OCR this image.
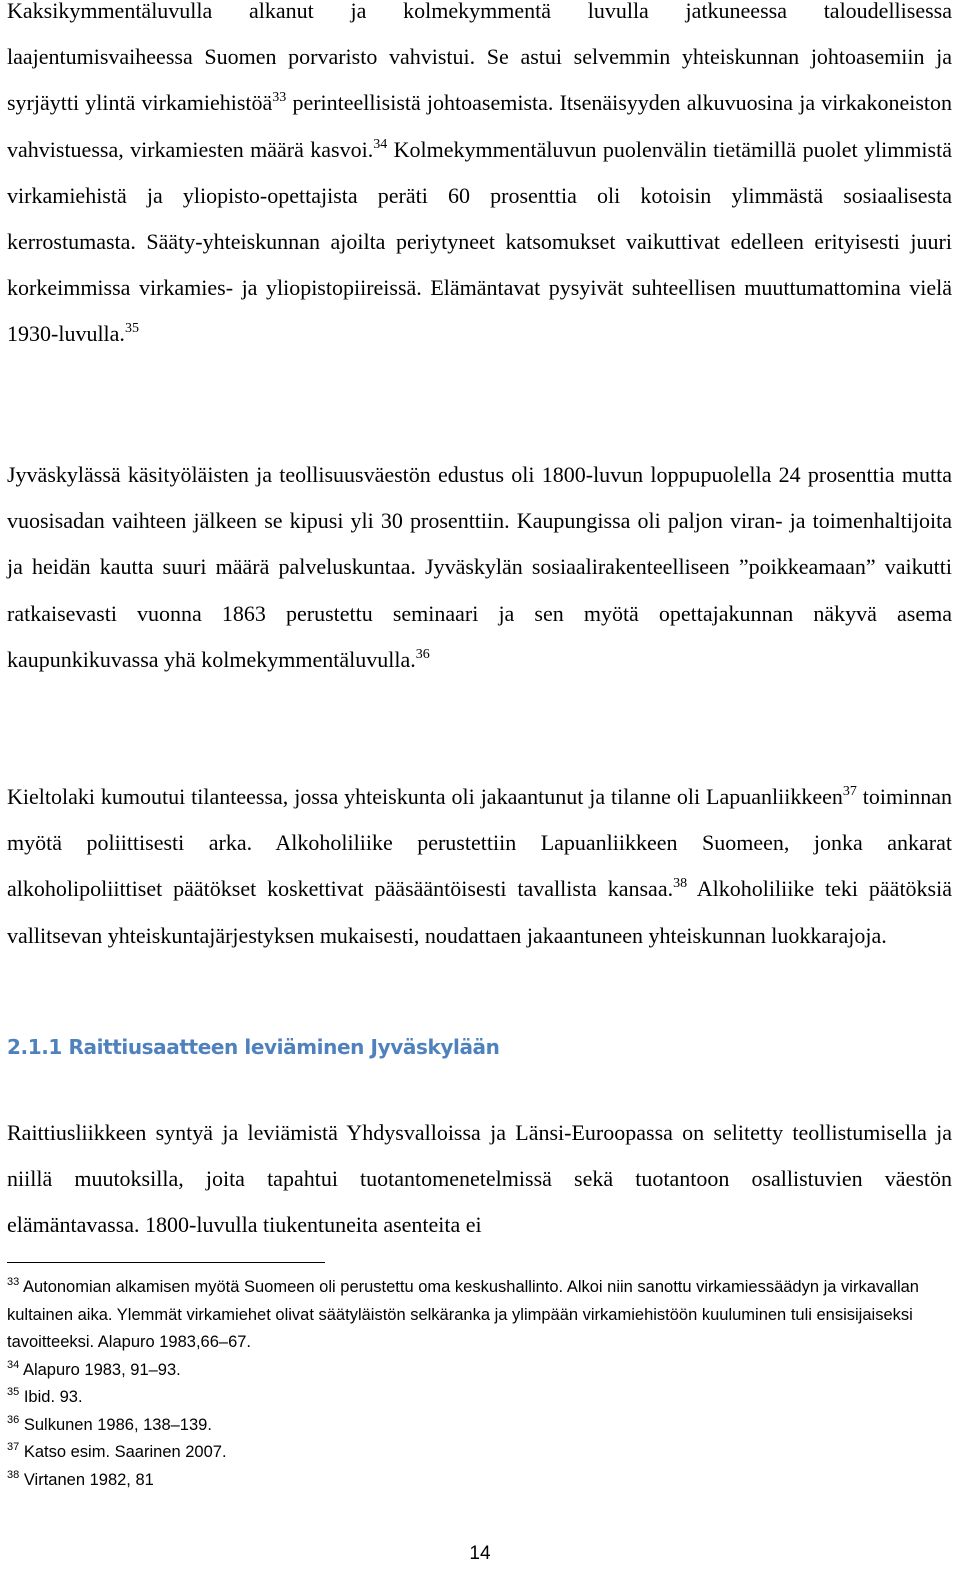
Kaksikymmentäluvulla alkanut ja kolmekymmentä luvulla jatkuneessa taloudellisessa laajentumisvaiheessa Suomen porvaristo vahvistui. Se astui selvemmin yhteiskunnan johtoasemiin ja syrjäytti ylintä virkamiehistöä$^{33}$ perinteellisistä johtoasemista. Itsenäisyyden alkuvuosina ja virkakoneiston vahvistuessa, virkamiesten määrä kasvoi.$^{34}$ Kolmekymmentäluvun puolenvälin tietämillä puolet ylimmistä virkamiehistä ja yliopisto-opettajista peräti 60 prosenttia oli kotoisin ylimmästä sosiaalisesta kerrostumasta. Sääty-yhteiskunnan ajoilta periytyneet katsomukset vaikuttivat edelleen erityisesti juuri korkeimmissa virkamies- ja yliopistopiireissä. Elämäntavat pysyivät suhteellisen muuttumattomina vielä 1930-luvulla.$^{35}$

Jyväskylässä käsityöläisten ja teollisuusväestön edustus oli 1800-luvun loppupuolella 24 prosenttia mutta vuosisadan vaihteen jälkeen se kipusi yli 30 prosenttiin. Kaupungissa oli paljon viran- ja toimenhaltijoita ja heidän kautta suuri määrä palveluskuntaa. Jyväskylän sosiaalirakenteelliseen ”poikkeamaan” vaikutti ratkaisevasti vuonna 1863 perustettu seminaari ja sen myötä opettajakunnan näkyvä asema kaupunkikuvassa yhä kolmekymmentäluvulla.$^{36}$

Kieltolaki kumoutui tilanteessa, jossa yhteiskunta oli jakaantunut ja tilanne oli Lapuanliikkeen$^{37}$ toiminnan myötä poliittisesti arka. Alkoholiliike perustettiin Lapuanliikkeen Suomeen, jonka ankarat alkoholipoliittiset päätökset koskettivat pääsääntöisesti tavallista kansaa.$^{38}$ Alkoholiliike teki päätöksiä vallitsevan yhteiskuntajärjestyksen mukaisesti, noudattaen jakaantuneen yhteiskunnan luokkarajoja.

2.1.1 Raittiusaatteen leviäminen Jyväskylään

Raittiusliikkeen syntyä ja leviämistä Yhdysvalloissa ja Länsi-Euroopassa on selitetty teollistumisella ja niillä muutoksilla, joita tapahtui tuotantomenetelmissä sekä tuotantoon osallistuvien väestön elämäntavassa. 1800-luvulla tiukentuneita asenteita ei

$^{33}$ Autonomian alkamisen myötä Suomeen oli perustettu oma keskushallinto. Alkoi niin sanottu virkamiessäädyn ja virkavallan kultainen aika. Ylemmät virkamiehet olivat säätyläistön selkäranka ja ylimpään virkamiehistöön kuuluminen tuli ensisijaiseksi tavoitteeksi. Alapuro 1983,66–67.

$^{34}$ Alapuro 1983, 91–93.

$^{35}$ Ibid. 93.

$^{36}$ Sulkunen 1986, 138–139.

$^{37}$ Katso esim. Saarinen 2007.

$^{38}$ Virtanen 1982, 81

14
